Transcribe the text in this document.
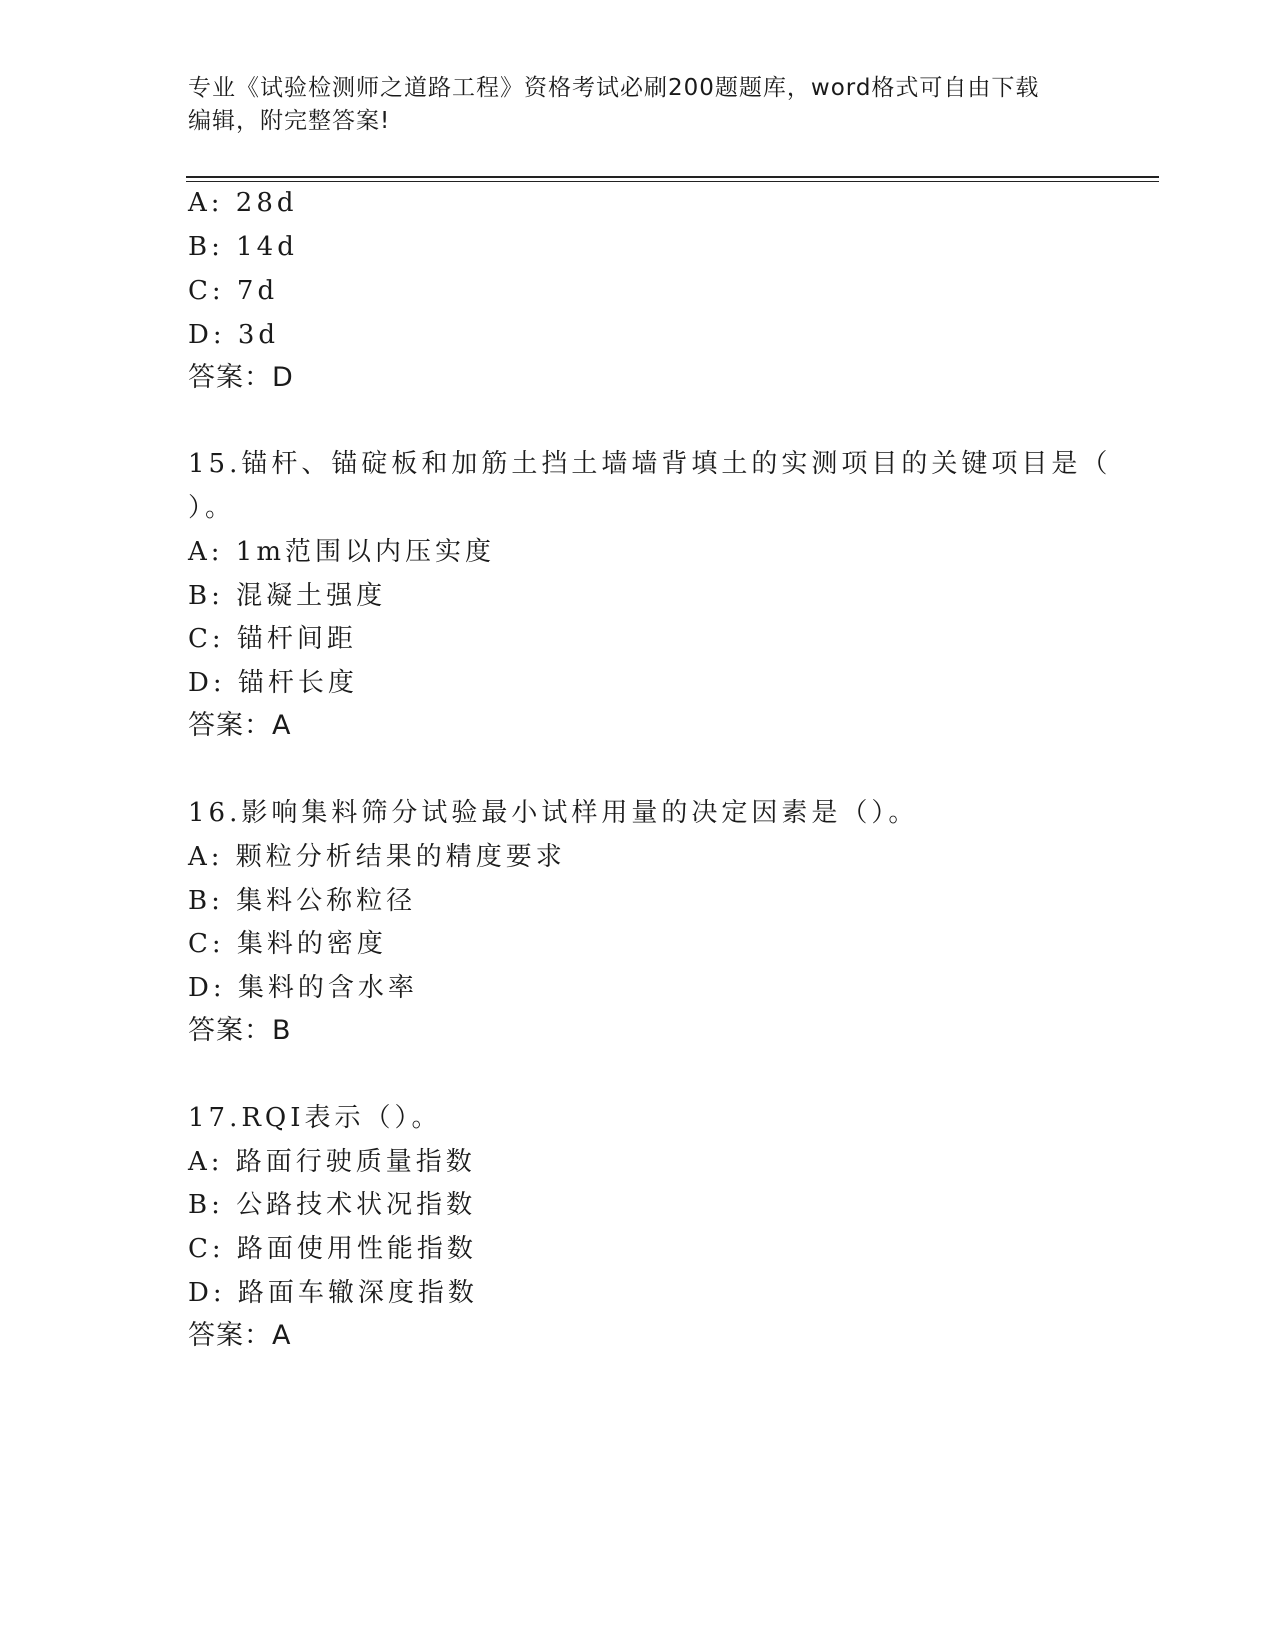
专业《试验检测师之道路工程》资格考试必刷200题题库，word格式可自由下载
编辑，附完整答案!
A: 28d
B: 14d
C: 7d
D: 3d
答案：D
15.锚杆、锚碇板和加筋土挡土墙墙背填土的实测项目的关键项目是（
）。
A: 1m范围以内压实度
B: 混凝土强度
C: 锚杆间距
D: 锚杆长度
答案：A
16.影响集料筛分试验最小试样用量的决定因素是（）。
A: 颗粒分析结果的精度要求
B: 集料公称粒径
C: 集料的密度
D: 集料的含水率
答案：B
17.RQI表示（）。
A: 路面行驶质量指数
B: 公路技术状况指数
C: 路面使用性能指数
D: 路面车辙深度指数
答案：A
